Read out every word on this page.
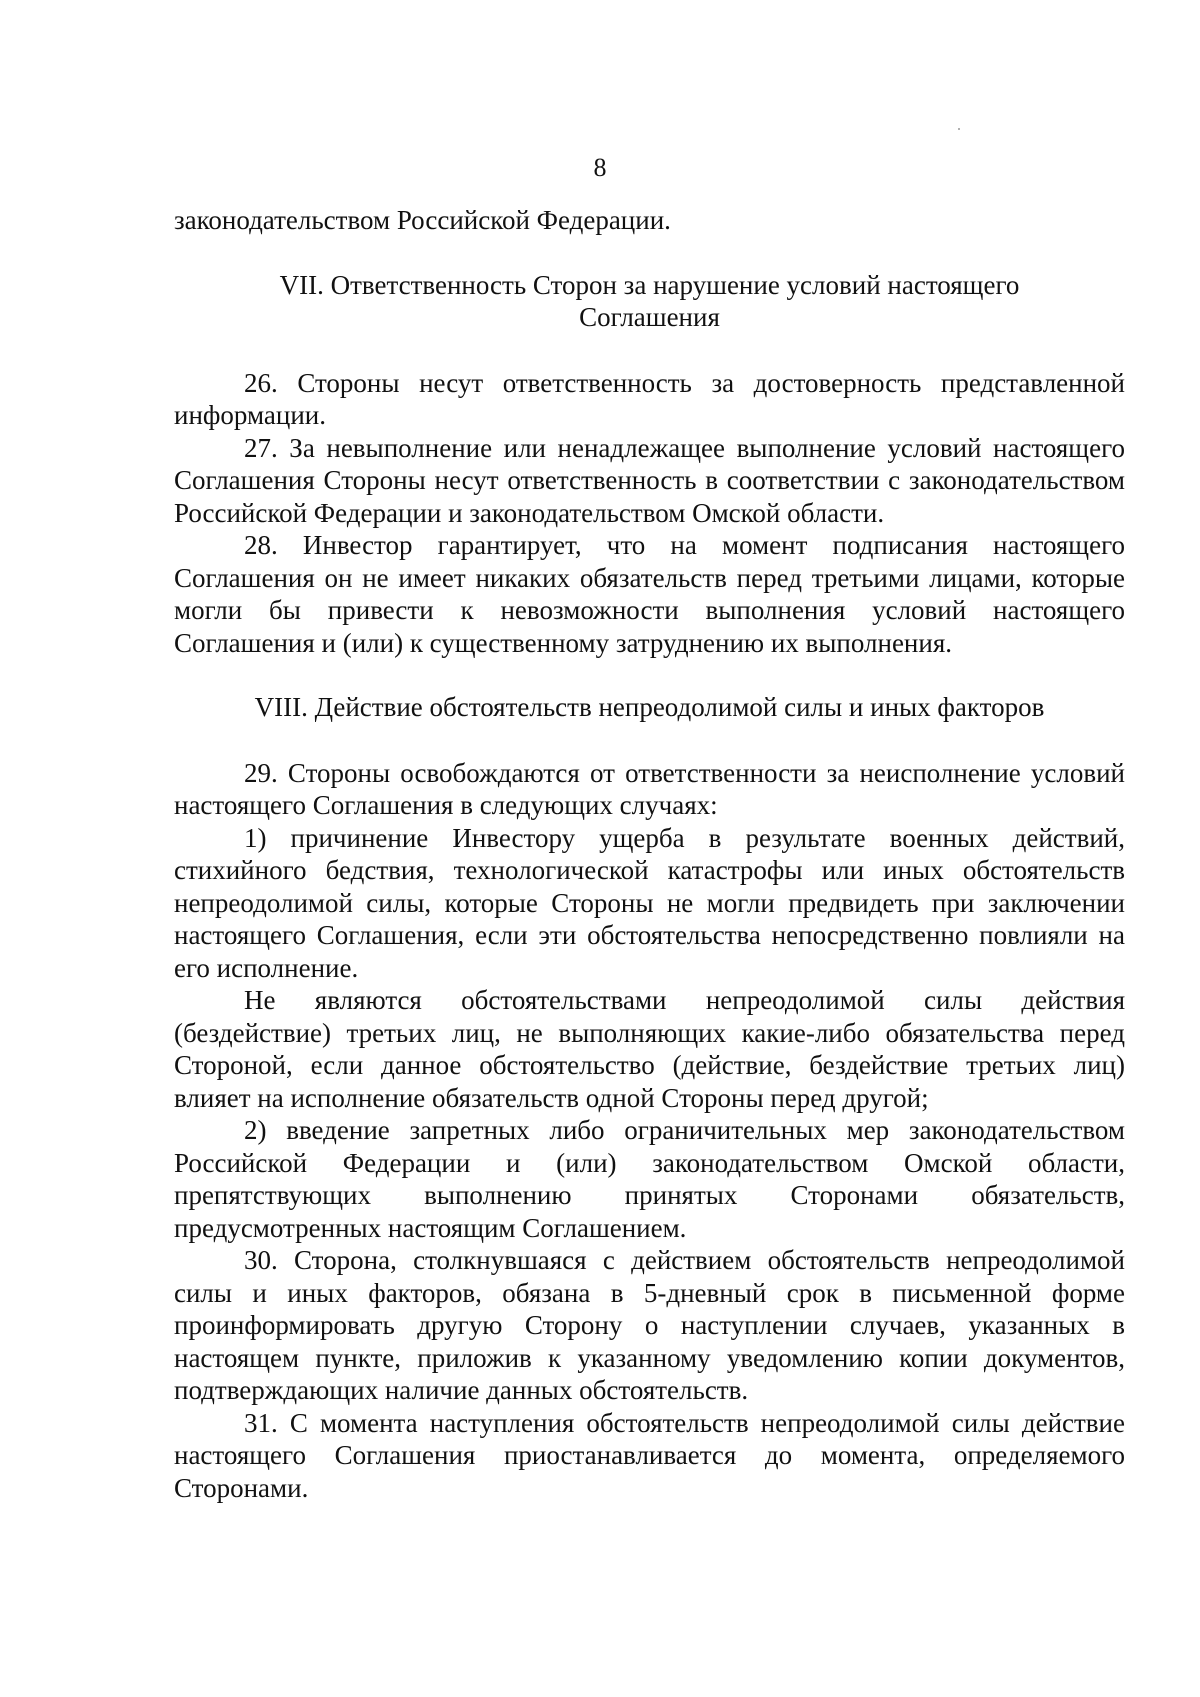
8

законодательством Российской Федерации.

VII. Ответственность Сторон за нарушение условий настоящего Соглашения

26. Стороны несут ответственность за достоверность представленной информации.

27. За невыполнение или ненадлежащее выполнение условий настоящего Соглашения Стороны несут ответственность в соответствии с законодательством Российской Федерации и законодательством Омской области.

28. Инвестор гарантирует, что на момент подписания настоящего Соглашения он не имеет никаких обязательств перед третьими лицами, которые могли бы привести к невозможности выполнения условий настоящего Соглашения и (или) к существенному затруднению их выполнения.

VIII. Действие обстоятельств непреодолимой силы и иных факторов

29. Стороны освобождаются от ответственности за неисполнение условий настоящего Соглашения в следующих случаях:

1) причинение Инвестору ущерба в результате военных действий, стихийного бедствия, технологической катастрофы или иных обстоятельств непреодолимой силы, которые Стороны не могли предвидеть при заключении настоящего Соглашения, если эти обстоятельства непосредственно повлияли на его исполнение.

Не являются обстоятельствами непреодолимой силы действия (бездействие) третьих лиц, не выполняющих какие-либо обязательства перед Стороной, если данное обстоятельство (действие, бездействие третьих лиц) влияет на исполнение обязательств одной Стороны перед другой;

2) введение запретных либо ограничительных мер законодательством Российской Федерации и (или) законодательством Омской области, препятствующих выполнению принятых Сторонами обязательств, предусмотренных настоящим Соглашением.

30. Сторона, столкнувшаяся с действием обстоятельств непреодолимой силы и иных факторов, обязана в 5-дневный срок в письменной форме проинформировать другую Сторону о наступлении случаев, указанных в настоящем пункте, приложив к указанному уведомлению копии документов, подтверждающих наличие данных обстоятельств.

31. С момента наступления обстоятельств непреодолимой силы действие настоящего Соглашения приостанавливается до момента, определяемого Сторонами.
